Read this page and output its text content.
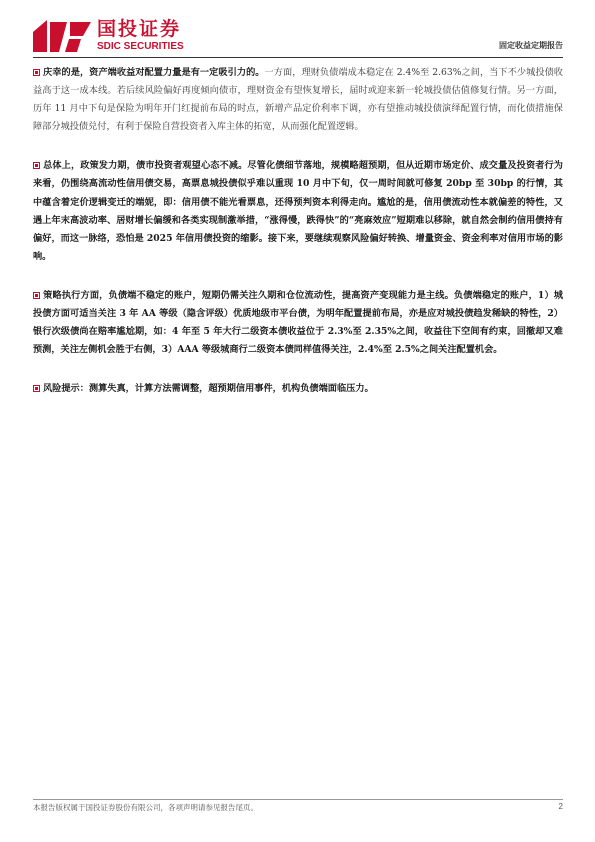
国投证券
SDIC SECURITIES	固定收益定期报告

庆幸的是，资产端收益对配置力量是有一定吸引力的。一方面，理财负债端成本稳定在 2.4%至 2.63%之间，当下不少城投债收益高于这一成本线。若后续风险偏好再度倾向债市，理财资金有望恢复增长，届时或迎来新一轮城投债估值修复行情。另一方面，历年 11 月中下旬是保险为明年开门红提前布局的时点，新增产品定价利率下调，亦有望推动城投债演绎配置行情，而化债措施保障部分城投债兑付，有利于保险自营投资者入库主体的拓宽，从而强化配置逻辑。

总体上，政策发力期，债市投资者观望心态不减。尽管化债细节落地，规模略超预期，但从近期市场定价、成交量及投资者行为来看，仍围绕高流动性信用债交易，高票息城投债似乎难以重现 10 月中下旬，仅一周时间就可修复 20bp 至 30bp 的行情，其中蕴含着定价逻辑变迁的端妮，即：信用债不能光看票息，还得预判资本利得走向。尴尬的是，信用债流动性本就偏差的特性，又遇上年末高波动率、居财增长偏缓和各类实现制激举措，“涨得慢，跌得快”的“亮麻效应”短期难以移除，就自然会制约信用债持有偏好，而这一脉络，恐怕是 2025 年信用债投资的缩影。接下来，要继续观察风险偏好转换、增量资金、资金利率对信用市场的影响。

策略执行方面，负债端不稳定的账户，短期仍需关注久期和仓位流动性，提高资产变现能力是主线。负债端稳定的账户，1）城投债方面可适当关注 3 年 AA 等级（隐含评级）优质地级市平台债，为明年配置提前布局，亦是应对城投债趋发稀缺的特性，2）银行次级债尚在赔率尴尬期，如：4 年至 5 年大行二级资本债收益位于 2.3%至 2.35%之间，收益往下空间有约束，回撤却又难预测，关注左侧机会胜于右侧，3）AAA 等级城商行二级资本债同样值得关注，2.4%至 2.5%之间关注配置机会。

风险提示：测算失真，计算方法需调整，超预期信用事件，机构负债端面临压力。

本报告版权属于国投证券股份有限公司，各项声明请参见报告尾页。	2
